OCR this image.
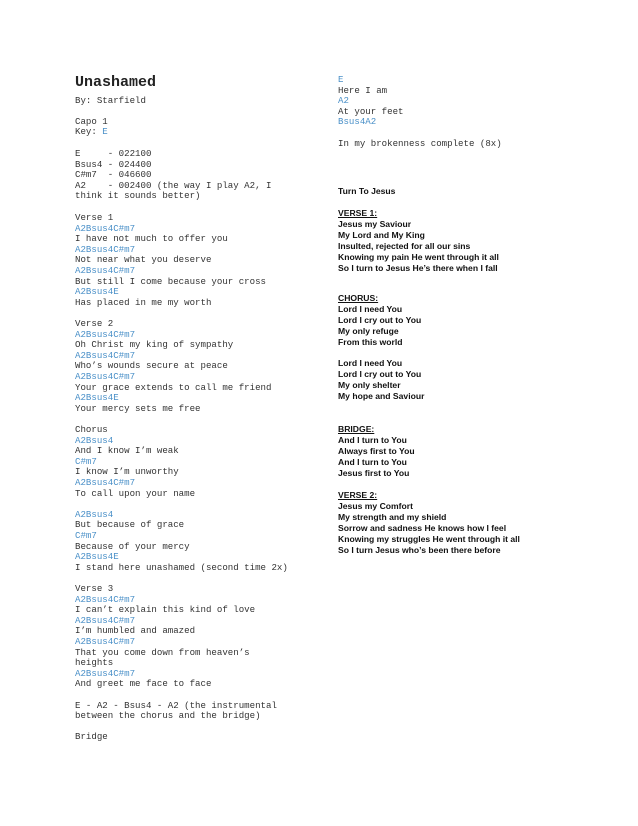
Unashamed

By: Starfield

Capo 1

Key: E

E     - 022100
Bsus4 - 024400
C#m7  - 046600
A2    - 002400 (the way I play A2, I
think it sounds better)
Verse 1
A2Bsus4C#m7
I have not much to offer you
A2Bsus4C#m7
Not near what you deserve
A2Bsus4C#m7
But still I come because your cross
A2Bsus4E
Has placed in me my worth
Verse 2
A2Bsus4C#m7
Oh Christ my king of sympathy
A2Bsus4C#m7
Who’s wounds secure at peace
A2Bsus4C#m7
Your grace extends to call me friend
A2Bsus4E
Your mercy sets me free
Chorus
A2Bsus4
And I know I’m weak
C#m7
I know I’m unworthy
A2Bsus4C#m7
To call upon your name
A2Bsus4
But because of grace
C#m7
Because of your mercy
A2Bsus4E
I stand here unashamed (second time 2x)
Verse 3
A2Bsus4C#m7
I can’t explain this kind of love
A2Bsus4C#m7
I’m humbled and amazed
A2Bsus4C#m7
That you come down from heaven’s
heights
A2Bsus4C#m7
And greet me face to face
E - A2 - Bsus4 - A2 (the instrumental
between the chorus and the bridge)
Bridge
E
Here I am
A2
At your feet
Bsus4A2
In my brokenness complete (8x)
Turn To Jesus
VERSE 1:
Jesus my Saviour
My Lord and My King
Insulted, rejected for all our sins
Knowing my pain He went through it all
So I turn to Jesus He’s there when I fall
CHORUS:
Lord I need You
Lord I cry out to You
My only refuge
From this world
Lord I need You
Lord I cry out to You
My only shelter
My hope and Saviour
BRIDGE:
And I turn to You
Always first to You
And I turn to You
Jesus first to You
VERSE 2:
Jesus my Comfort
My strength and my shield
Sorrow and sadness He knows how I feel
Knowing my struggles He went through it all
So I turn Jesus who’s been there before
